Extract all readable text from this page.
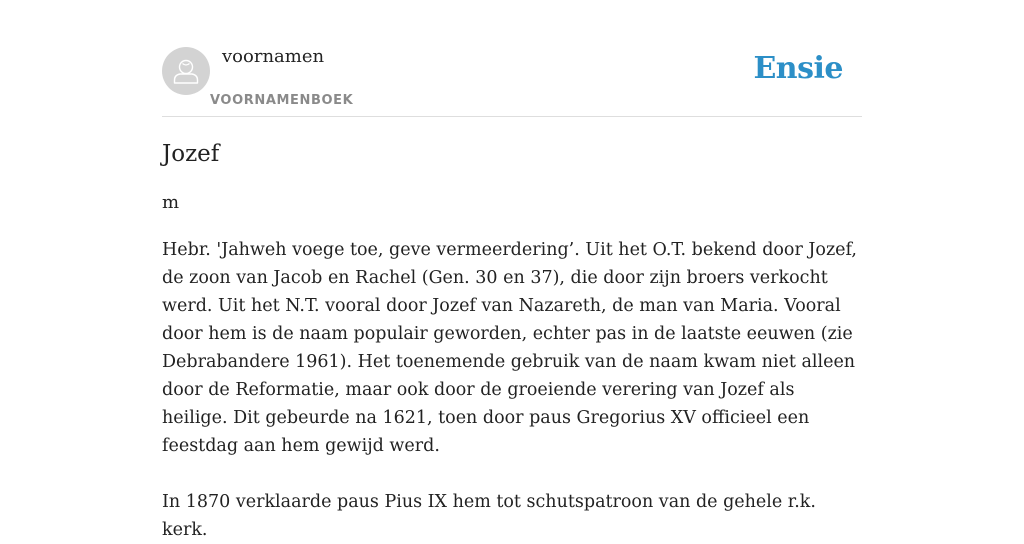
voornamen
VOORNAMENBOEK
Ensie
Jozef

m

Hebr. 'Jahweh voege toe, geve vermeerdering’. Uit het O.T. bekend door Jozef, de zoon van Jacob en Rachel (Gen. 30 en 37), die door zijn broers verkocht werd. Uit het N.T. vooral door Jozef van Nazareth, de man van Maria. Vooral door hem is de naam populair geworden, echter pas in de laatste eeuwen (zie Debrabandere 1961). Het toenemende gebruik van de naam kwam niet alleen door de Reformatie, maar ook door de groeiende verering van Jozef als heilige. Dit gebeurde na 1621, toen door paus Gregorius XV officieel een feestdag aan hem gewijd werd.

In 1870 verklaarde paus Pius IX hem tot schutspatroon van de gehele r.k. kerk.
